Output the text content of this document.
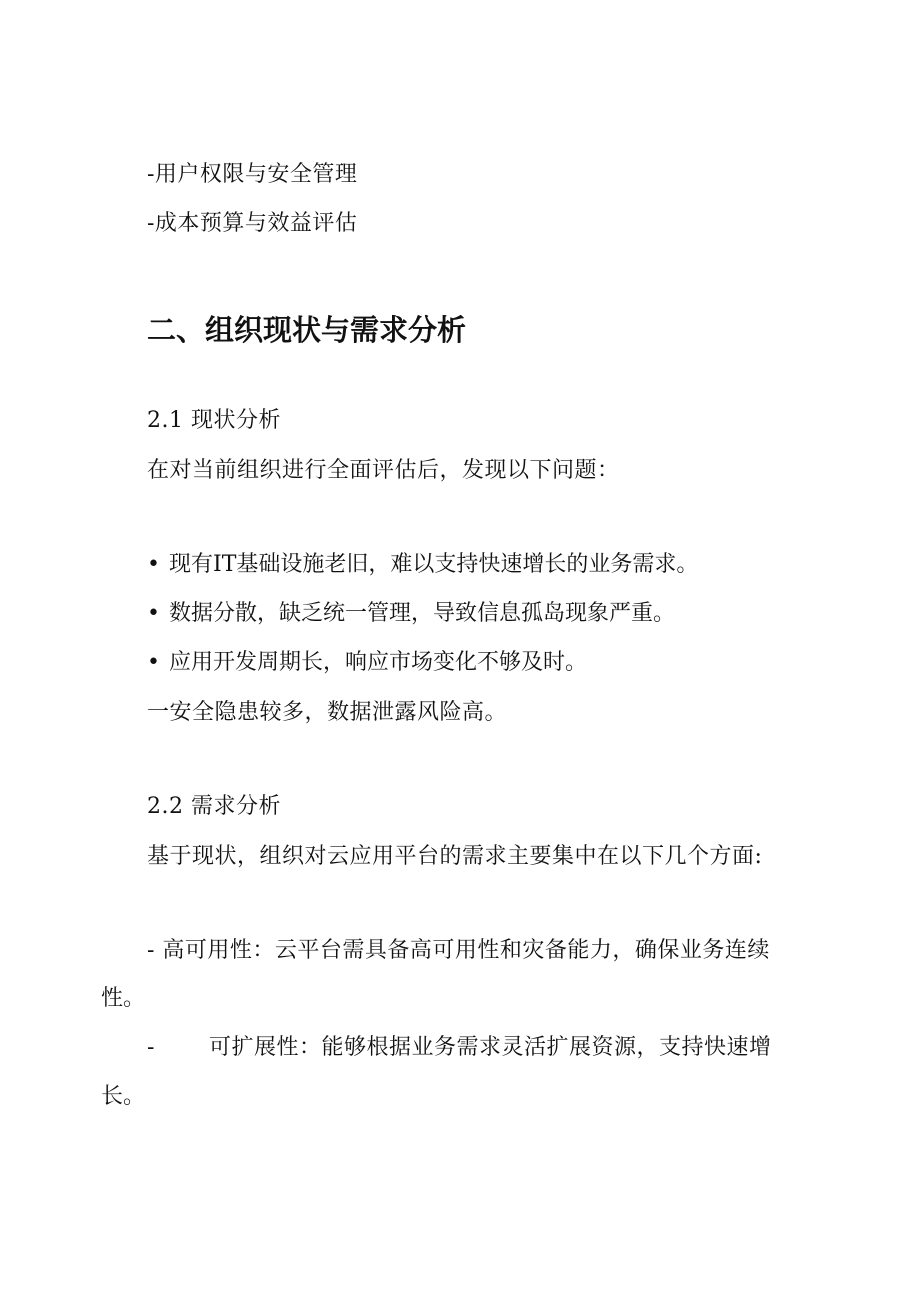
-用户权限与安全管理
-成本预算与效益评估
二、组织现状与需求分析
2.1 现状分析
在对当前组织进行全面评估后，发现以下问题：
• 现有IT基础设施老旧，难以支持快速增长的业务需求。
• 数据分散，缺乏统一管理，导致信息孤岛现象严重。
• 应用开发周期长，响应市场变化不够及时。
一安全隐患较多，数据泄露风险高。
2.2 需求分析
基于现状，组织对云应用平台的需求主要集中在以下几个方面:
- 高可用性：云平台需具备高可用性和灾备能力，确保业务连续
性。
- 可扩展性：能够根据业务需求灵活扩展资源，支持快速增
长。
